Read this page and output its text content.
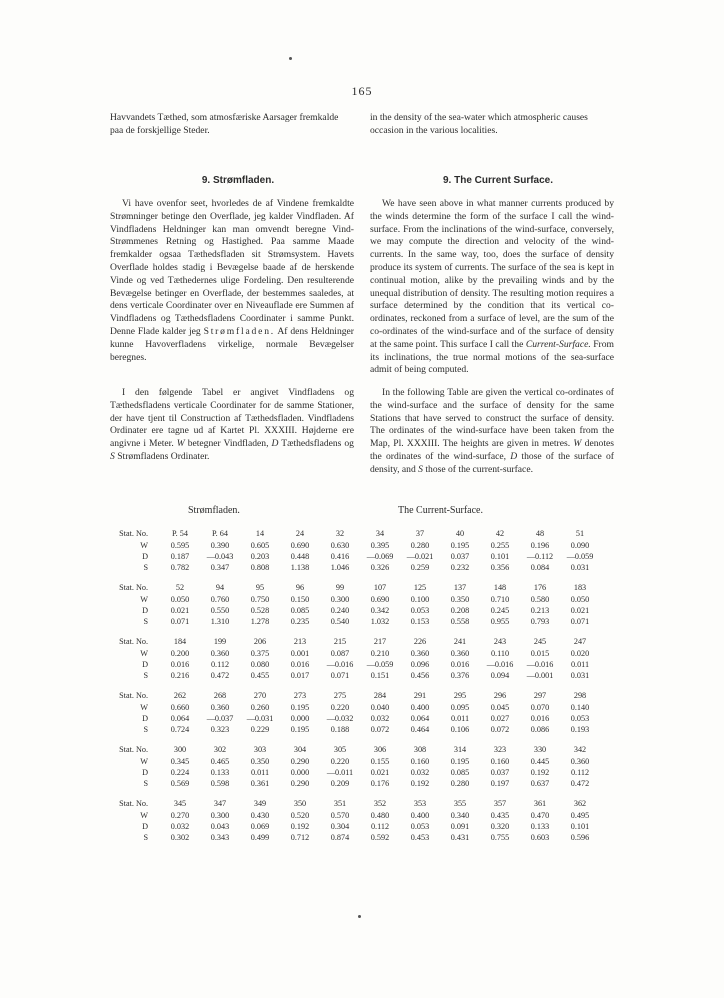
165

Havvandets Tæthed, som atmosfæriske Aarsager fremkalde

paa de forskjellige Steder.

9. Strømfladen.

Vi have ovenfor seet, hvorledes de af Vindene fremkaldte Strømninger betinge den Overflade, jeg kalder Vindfladen. Af Vindfladens Heldninger kan man omvendt beregne Vind-Strømmenes Retning og Hastighed. Paa samme Maade fremkalder ogsaa Tæthedsfladen sit Strømsystem. Havets Overflade holdes stadig i Bevægelse baade af de herskende Vinde og ved Tæthedernes ulige Fordeling. Den resulterende Bevægelse betinger en Overflade, der bestemmes saaledes, at dens verticale Coordinater over en Niveauflade ere Summen af Vindfladens og Tæthedsfladens Coordinater i samme Punkt. Denne Flade kalder jeg Strømfladen. Af dens Heldninger kunne Havoverfladens virkelige, normale Bevægelser beregnes.

I den følgende Tabel er angivet Vindfladens og Tæthedsfladens verticale Coordinater for de samme Stationer, der have tjent til Construction af Tæthedsfladen. Vindfladens Ordinater ere tagne ud af Kartet Pl. XXXIII. Højderne ere angivne i Meter. W betegner Vindfladen, D Tæthedsfladens og S Strømfladens Ordinater.

in the density of the sea-water which atmospheric causes

occasion in the various localities.

9. The Current Surface.

We have seen above in what manner currents produced by the winds determine the form of the surface I call the wind-surface. From the inclinations of the wind-surface, conversely, we may compute the direction and velocity of the wind-currents. In the same way, too, does the surface of density produce its system of currents. The surface of the sea is kept in continual motion, alike by the prevailing winds and by the unequal distribution of density. The resulting motion requires a surface determined by the condition that its vertical co-ordinates, reckoned from a surface of level, are the sum of the co-ordinates of the wind-surface and of the surface of density at the same point. This surface I call the Current-Surface. From its inclinations, the true normal motions of the sea-surface admit of being computed.

In the following Table are given the vertical co-ordinates of the wind-surface and the surface of density for the same Stations that have served to construct the surface of density. The ordinates of the wind-surface have been taken from the Map, Pl. XXXIII. The heights are given in metres. W denotes the ordinates of the wind-surface, D those of the surface of density, and S those of the current-surface.

Strømfladen.	The Current-Surface.
Stat. No.	P. 54	P. 64	14	24	32	34	37	40	42	48	51
W	0.595	0.390	0.605	0.690	0.630	0.395	0.280	0.195	0.255	0.196	0.090
D	0.187	—0.043	0.203	0.448	0.416	—0.069	—0.021	0.037	0.101	—0.112	—0.059
S	0.782	0.347	0.808	1.138	1.046	0.326	0.259	0.232	0.356	0.084	0.031
Stat. No.	52	94	95	96	99	107	125	137	148	176	183
W	0.050	0.760	0.750	0.150	0.300	0.690	0.100	0.350	0.710	0.580	0.050
D	0.021	0.550	0.528	0.085	0.240	0.342	0.053	0.208	0.245	0.213	0.021
S	0.071	1.310	1.278	0.235	0.540	1.032	0.153	0.558	0.955	0.793	0.071
Stat. No.	184	199	206	213	215	217	226	241	243	245	247
W	0.200	0.360	0.375	0.001	0.087	0.210	0.360	0.360	0.110	0.015	0.020
D	0.016	0.112	0.080	0.016	—0.016	—0.059	0.096	0.016	—0.016	—0.016	0.011
S	0.216	0.472	0.455	0.017	0.071	0.151	0.456	0.376	0.094	—0.001	0.031
Stat. No.	262	268	270	273	275	284	291	295	296	297	298
W	0.660	0.360	0.260	0.195	0.220	0.040	0.400	0.095	0.045	0.070	0.140
D	0.064	—0.037	—0.031	0.000	—0.032	0.032	0.064	0.011	0.027	0.016	0.053
S	0.724	0.323	0.229	0.195	0.188	0.072	0.464	0.106	0.072	0.086	0.193
Stat. No.	300	302	303	304	305	306	308	314	323	330	342
W	0.345	0.465	0.350	0.290	0.220	0.155	0.160	0.195	0.160	0.445	0.360
D	0.224	0.133	0.011	0.000	—0.011	0.021	0.032	0.085	0.037	0.192	0.112
S	0.569	0.598	0.361	0.290	0.209	0.176	0.192	0.280	0.197	0.637	0.472
Stat. No.	345	347	349	350	351	352	353	355	357	361	362
W	0.270	0.300	0.430	0.520	0.570	0.480	0.400	0.340	0.435	0.470	0.495
D	0.032	0.043	0.069	0.192	0.304	0.112	0.053	0.091	0.320	0.133	0.101
S	0.302	0.343	0.499	0.712	0.874	0.592	0.453	0.431	0.755	0.603	0.596
